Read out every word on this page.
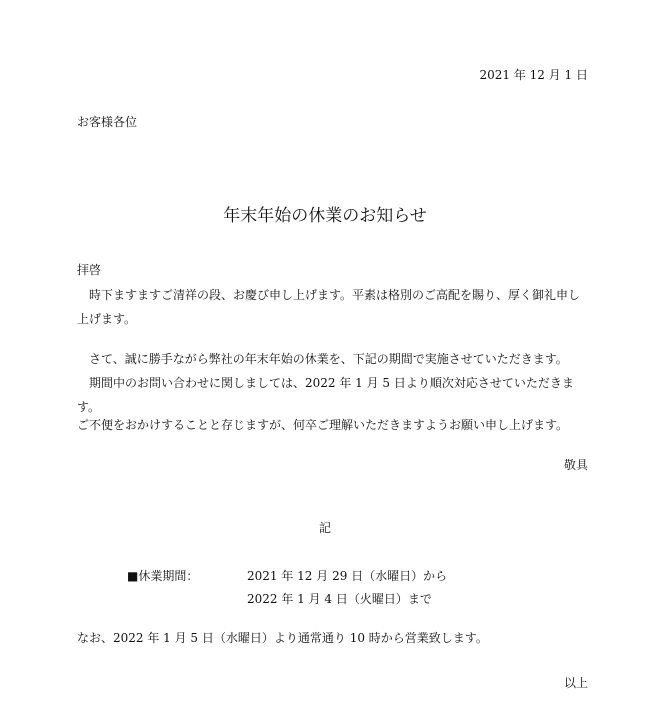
2021 年 12 月 1 日
お客様各位
年末年始の休業のお知らせ
拝啓

時下ますますご清祥の段、お慶び申し上げます。平素は格別のご高配を賜り、厚く御礼申し上げます。

さて、誠に勝手ながら弊社の年末年始の休業を、下記の期間で実施させていただきます。

期間中のお問い合わせに関しましては、2022 年 1 月 5 日より順次対応させていただきます。

ご不便をおかけすることと存じますが、何卒ご理解いただきますようお願い申し上げます。

敬具
記
■休業期間：	2021 年 12 月 29 日（水曜日）から
2022 年 1 月 4 日（火曜日）まで
なお、2022 年 1 月 5 日（水曜日）より通常通り 10 時から営業致します。
以上
